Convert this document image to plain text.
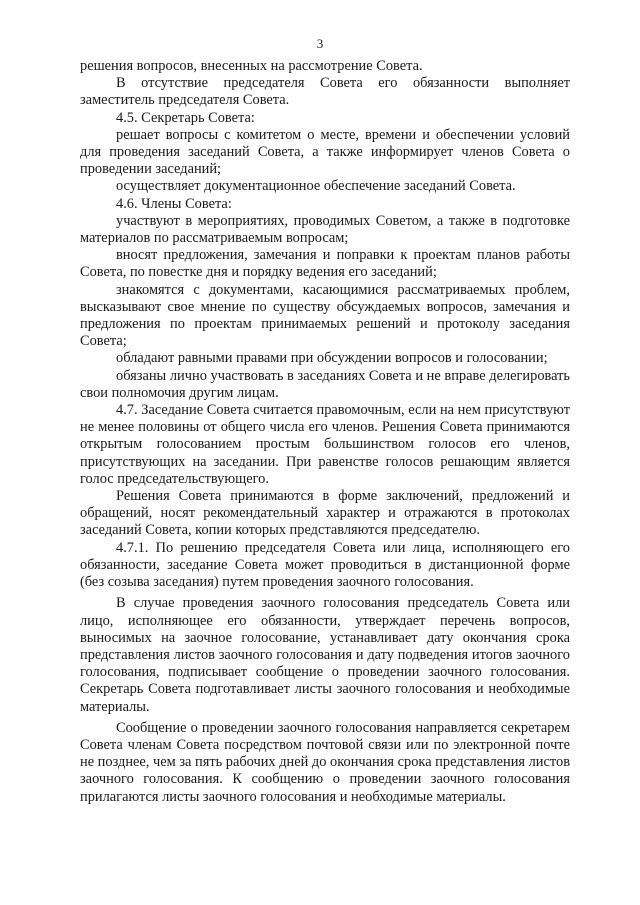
3

решения вопросов, внесенных на рассмотрение Совета.

В отсутствие председателя Совета его обязанности выполняет заместитель председателя Совета.

4.5. Секретарь Совета:

решает вопросы с комитетом о месте, времени и обеспечении условий для проведения заседаний Совета, а также информирует членов Совета о проведении заседаний;

осуществляет документационное обеспечение заседаний Совета.

4.6. Члены Совета:

участвуют в мероприятиях, проводимых Советом, а также в подготовке материалов по рассматриваемым вопросам;

вносят предложения, замечания и поправки к проектам планов работы Совета, по повестке дня и порядку ведения его заседаний;

знакомятся с документами, касающимися рассматриваемых проблем, высказывают свое мнение по существу обсуждаемых вопросов, замечания и предложения по проектам принимаемых решений и протоколу заседания Совета;

обладают равными правами при обсуждении вопросов и голосовании;

обязаны лично участвовать в заседаниях Совета и не вправе делегировать свои полномочия другим лицам.

4.7. Заседание Совета считается правомочным, если на нем присутствуют не менее половины от общего числа его членов. Решения Совета принимаются открытым голосованием простым большинством голосов его членов, присутствующих на заседании. При равенстве голосов решающим является голос председательствующего.

Решения Совета принимаются в форме заключений, предложений и обращений, носят рекомендательный характер и отражаются в протоколах заседаний Совета, копии которых представляются председателю.

4.7.1. По решению председателя Совета или лица, исполняющего его обязанности, заседание Совета может проводиться в дистанционной форме (без созыва заседания) путем проведения заочного голосования.

В случае проведения заочного голосования председатель Совета или лицо, исполняющее его обязанности, утверждает перечень вопросов, выносимых на заочное голосование, устанавливает дату окончания срока представления листов заочного голосования и дату подведения итогов заочного голосования, подписывает сообщение о проведении заочного голосования. Секретарь Совета подготавливает листы заочного голосования и необходимые материалы.

Сообщение о проведении заочного голосования направляется секретарем Совета членам Совета посредством почтовой связи или по электронной почте не позднее, чем за пять рабочих дней до окончания срока представления листов заочного голосования. К сообщению о проведении заочного голосования прилагаются листы заочного голосования и необходимые материалы.
